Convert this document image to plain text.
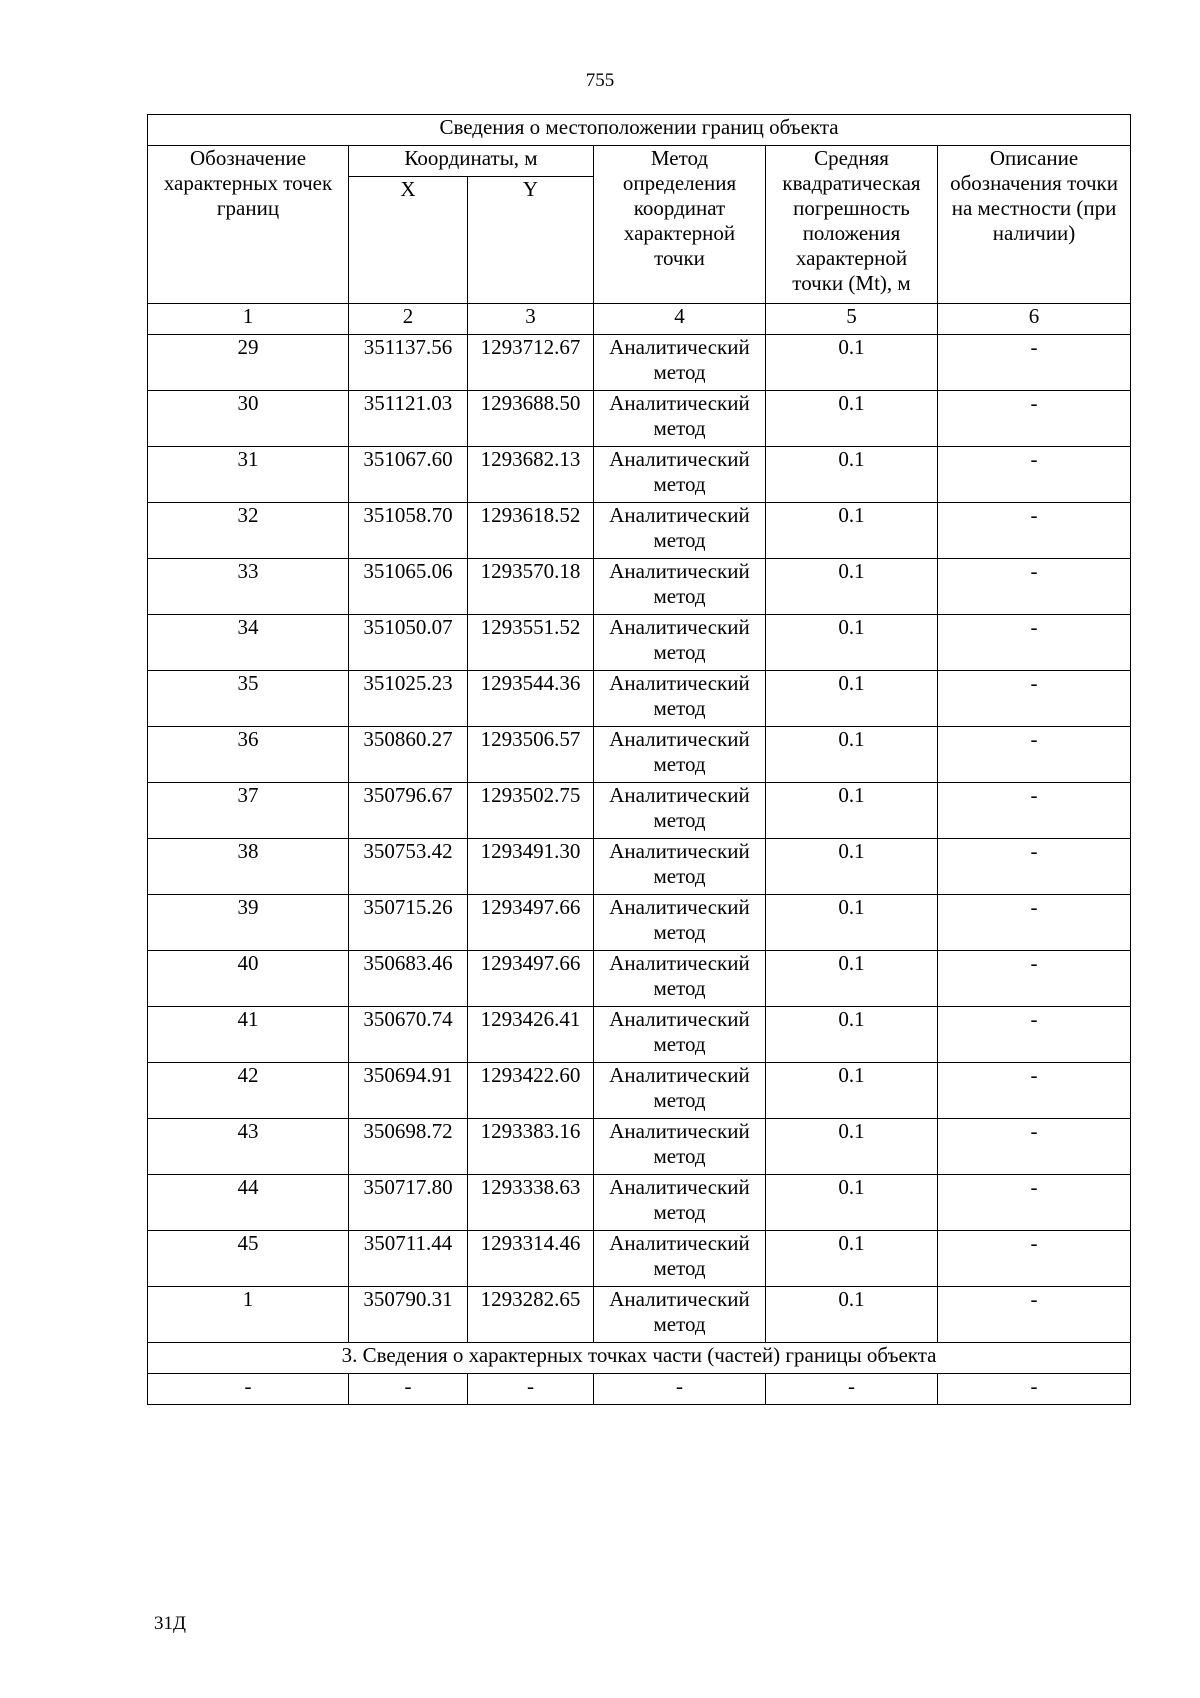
755
Сведения о местоположении границ объекта					
Обозначение характерных точек границ	Координаты, м		Метод определения координат характерной точки	Средняя квадратическая погрешность положения характерной точки (Mt), м	Описание обозначения точки на местности (при наличии)
	X	Y			
1	2	3	4	5	6
29	351137.56	1293712.67	Аналитический метод	0.1	-
30	351121.03	1293688.50	Аналитический метод	0.1	-
31	351067.60	1293682.13	Аналитический метод	0.1	-
32	351058.70	1293618.52	Аналитический метод	0.1	-
33	351065.06	1293570.18	Аналитический метод	0.1	-
34	351050.07	1293551.52	Аналитический метод	0.1	-
35	351025.23	1293544.36	Аналитический метод	0.1	-
36	350860.27	1293506.57	Аналитический метод	0.1	-
37	350796.67	1293502.75	Аналитический метод	0.1	-
38	350753.42	1293491.30	Аналитический метод	0.1	-
39	350715.26	1293497.66	Аналитический метод	0.1	-
40	350683.46	1293497.66	Аналитический метод	0.1	-
41	350670.74	1293426.41	Аналитический метод	0.1	-
42	350694.91	1293422.60	Аналитический метод	0.1	-
43	350698.72	1293383.16	Аналитический метод	0.1	-
44	350717.80	1293338.63	Аналитический метод	0.1	-
45	350711.44	1293314.46	Аналитический метод	0.1	-
1	350790.31	1293282.65	Аналитический метод	0.1	-
3. Сведения о характерных точках части (частей) границы объекта					
-	-	-	-	-	-
31Д
